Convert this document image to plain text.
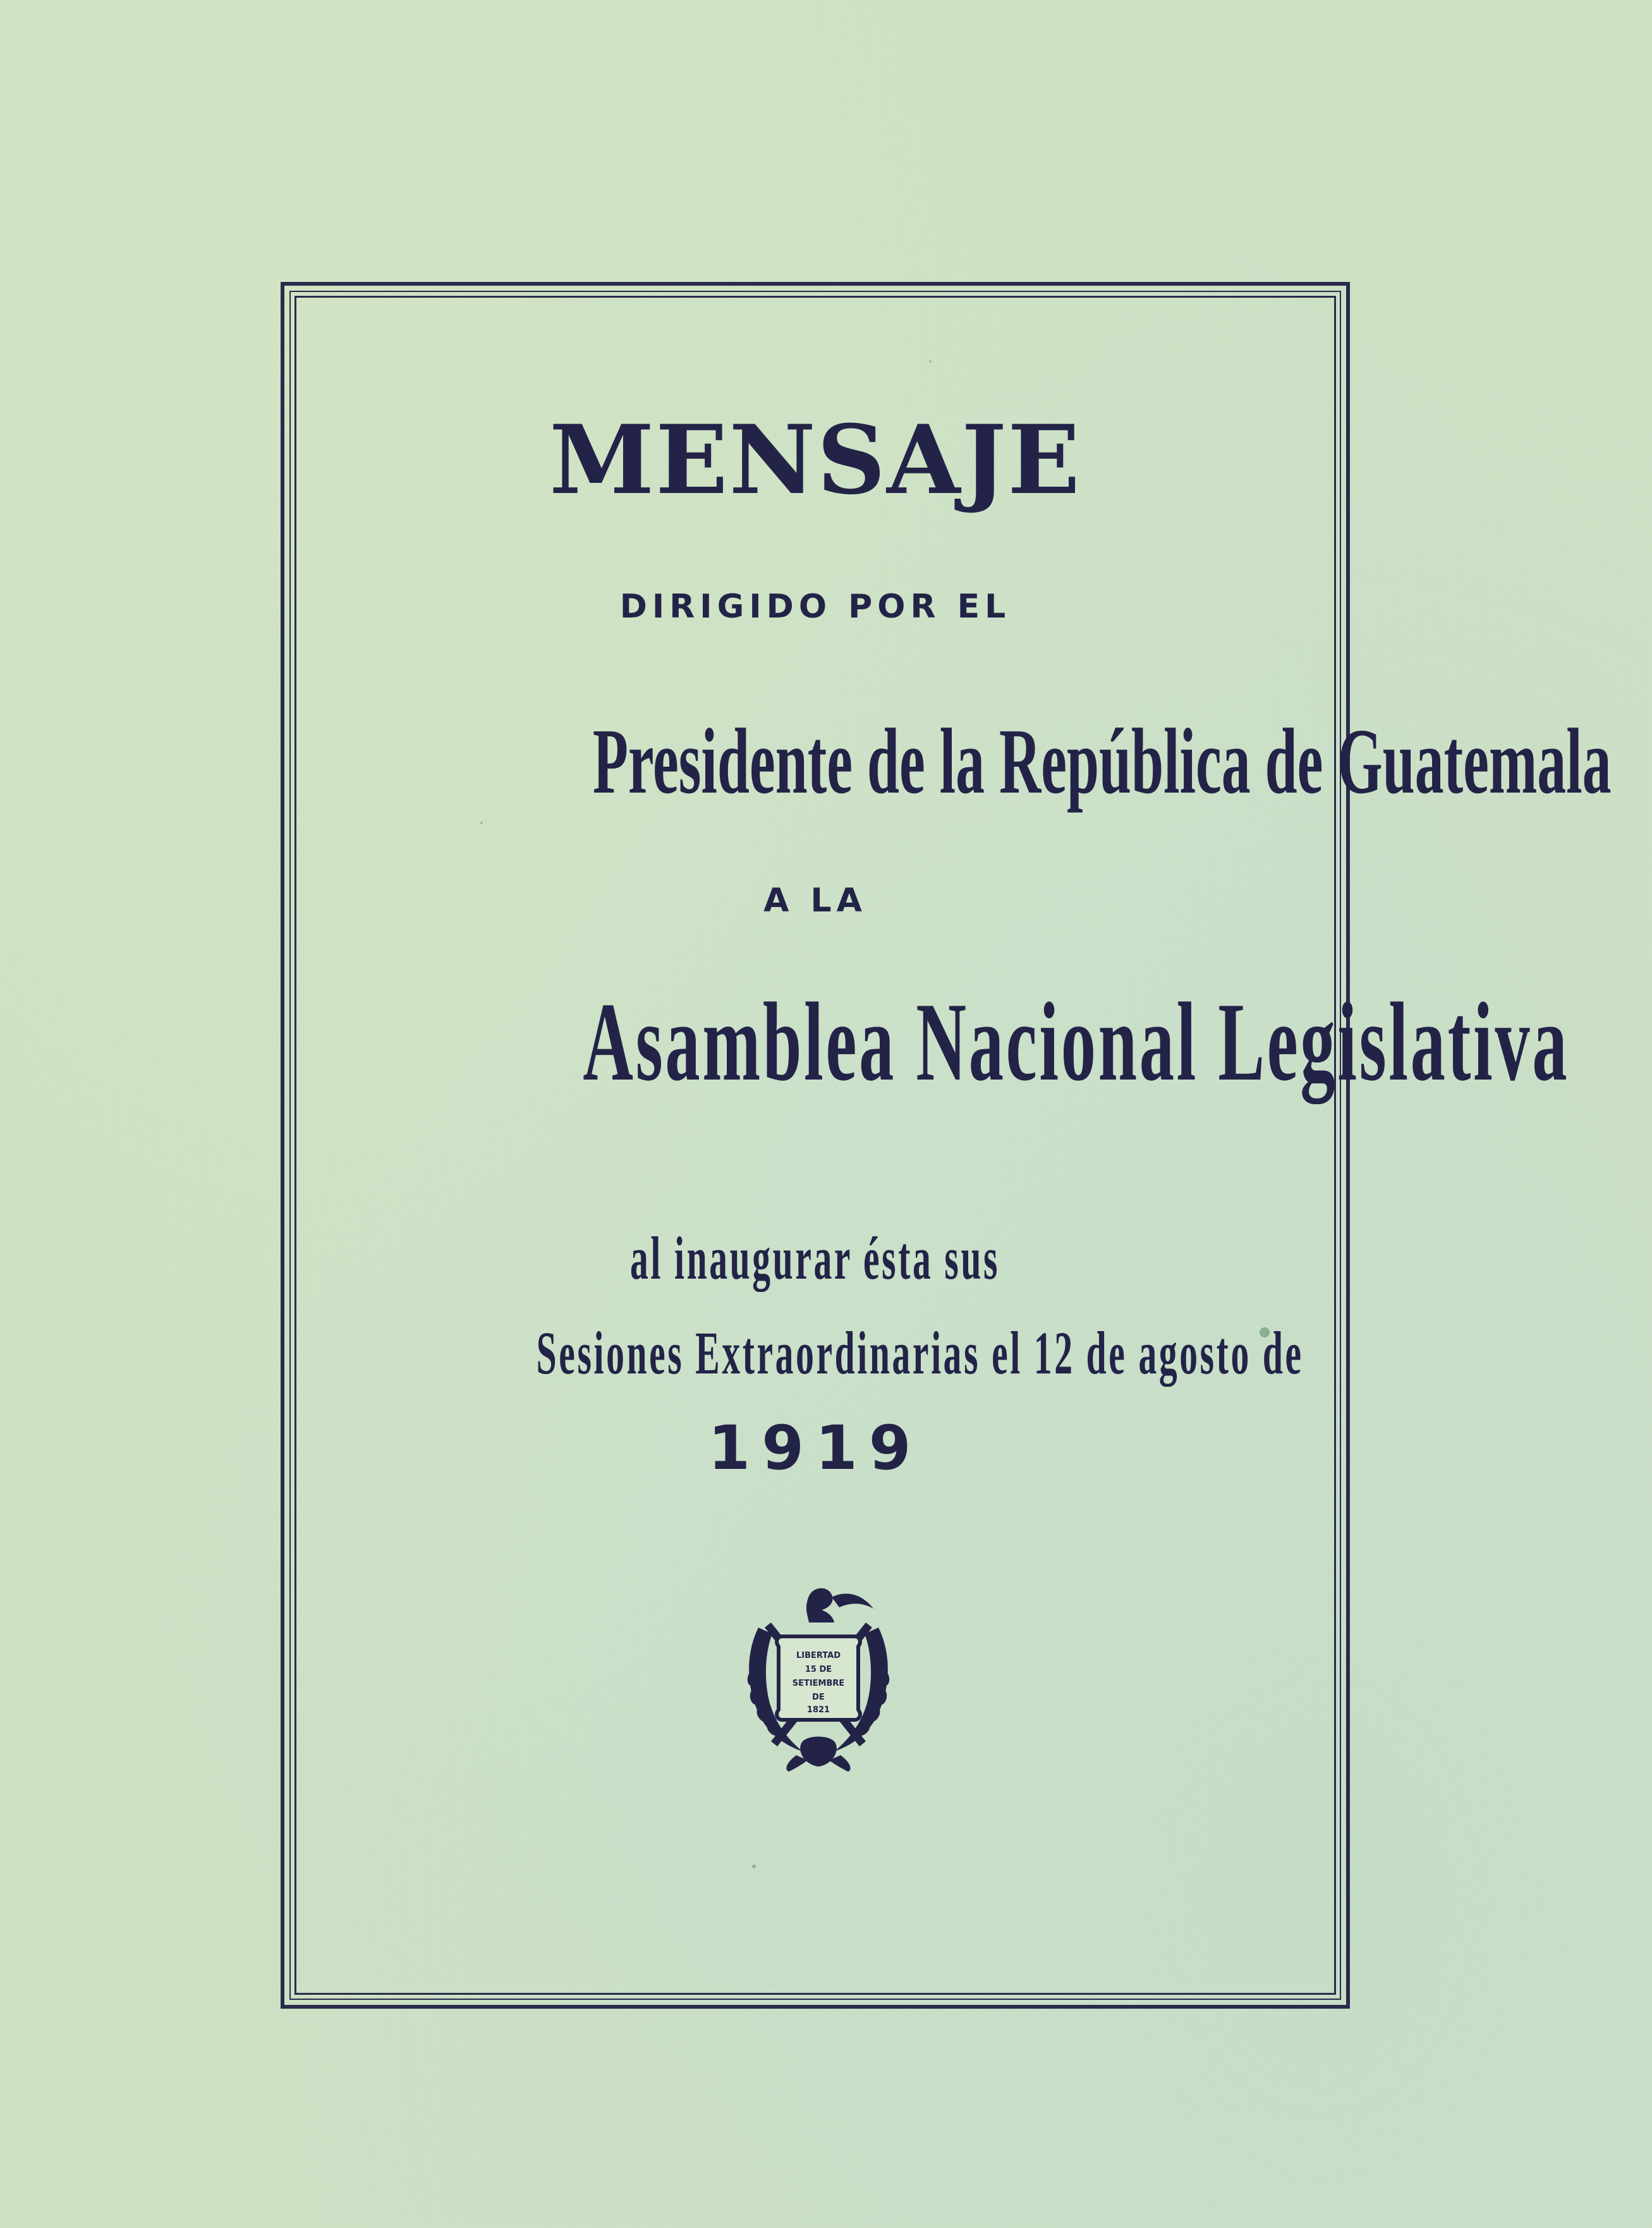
MENSAJE
DIRIGIDO POR EL
Presidente de la República de Guatemala
A LA
Asamblea Nacional Legislativa
al inaugurar ésta sus
Sesiones Extraordinarias el 12 de agosto de
1919
LIBERTAD
15 DE
SETIEMBRE
DE
1821
